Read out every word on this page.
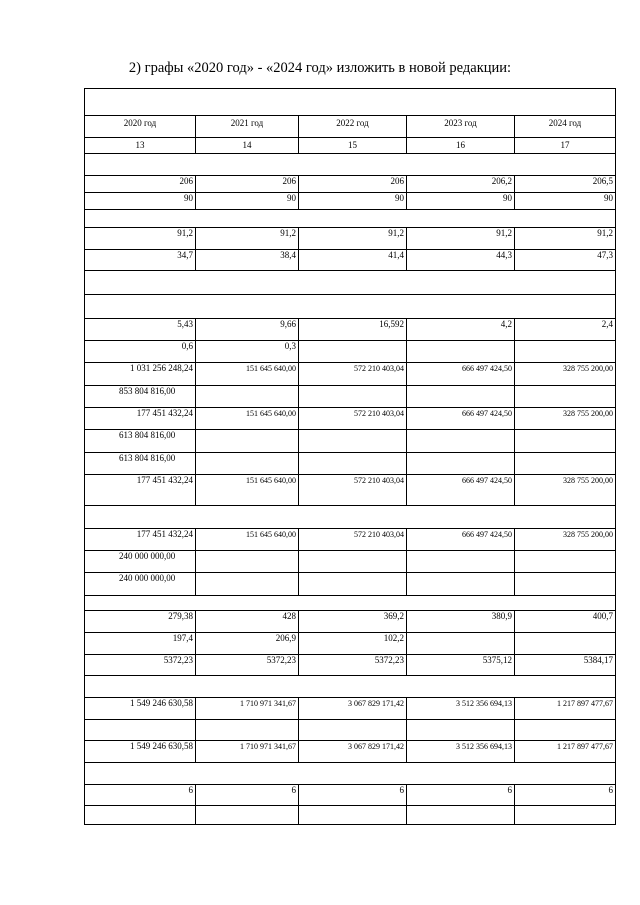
2) графы «2020 год» - «2024 год» изложить в новой редакции:

2020 год	2021 год	2022 год	2023 год	2024 год
13	14	15	16	17

206	206	206	206,2	206,5
90	90	90	90	90

91,2	91,2	91,2	91,2	91,2
34,7	38,4	41,4	44,3	47,3

5,43	9,66	16,592	4,2	2,4
0,6	0,3			
1 031 256 248,24	151 645 640,00	572 210 403,04	666 497 424,50	328 755 200,00
853 804 816,00				
177 451 432,24	151 645 640,00	572 210 403,04	666 497 424,50	328 755 200,00
613 804 816,00				
613 804 816,00				
177 451 432,24	151 645 640,00	572 210 403,04	666 497 424,50	328 755 200,00

177 451 432,24	151 645 640,00	572 210 403,04	666 497 424,50	328 755 200,00
240 000 000,00				
240 000 000,00				

279,38	428	369,2	380,9	400,7
197,4	206,9	102,2		
5372,23	5372,23	5372,23	5375,12	5384,17

1 549 246 630,58	1 710 971 341,67	3 067 829 171,42	3 512 356 694,13	1 217 897 477,67

1 549 246 630,58	1 710 971 341,67	3 067 829 171,42	3 512 356 694,13	1 217 897 477,67

6	6	6	6	6
